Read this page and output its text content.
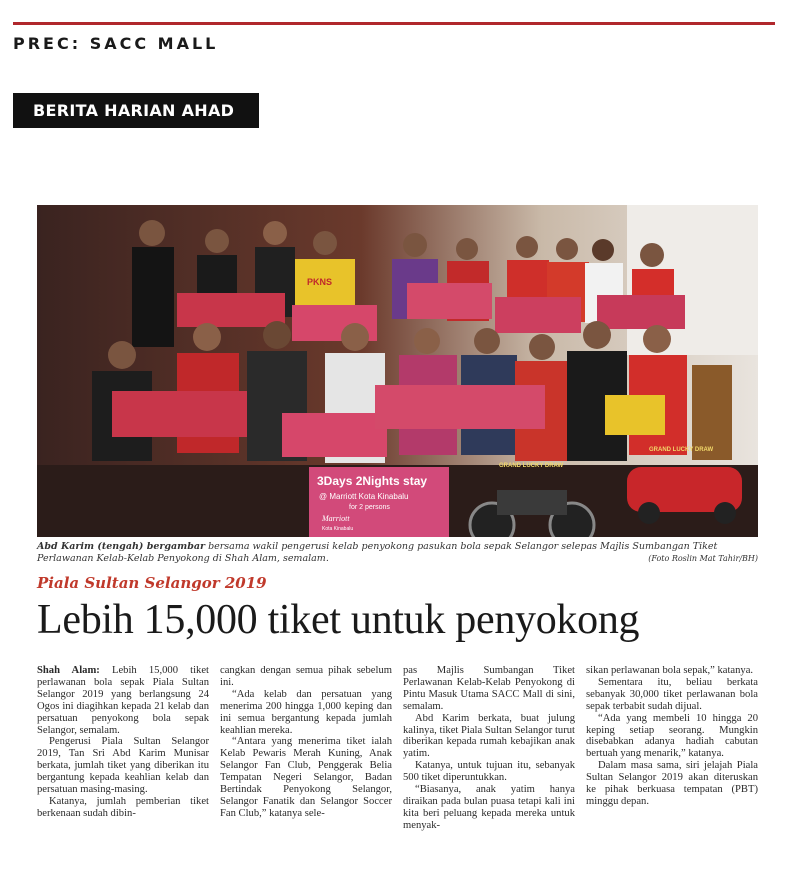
PREC: SACC MALL
BERITA HARIAN AHAD
3Days 2Nights stay
@ Marriott Kota Kinabalu
for 2 persons
Marriott
Kota Kinabalu
GRAND LUCKY DRAW
GRAND LUCKY DRAW
PKNS
Abd Karim (tengah) bergambar bersama wakil pengerusi kelab penyokong pasukan bola sepak Selangor selepas Majlis Sumbangan Tiket Perlawanan Kelab-Kelab Penyokong di Shah Alam, semalam.	(Foto Roslin Mat Tahir/BH)
Piala Sultan Selangor 2019
Lebih 15,000 tiket untuk penyokong

Shah Alam: Lebih 15,000 tiket perlawanan bola sepak Piala Sultan Selangor 2019 yang berlangsung 24 Ogos ini diagihkan kepada 21 kelab dan persatuan penyokong bola sepak Selangor, semalam.

Pengerusi Piala Sultan Selangor 2019, Tan Sri Abd Karim Munisar berkata, jumlah tiket yang diberikan itu bergantung kepada keahlian kelab dan persatuan masing-masing.

Katanya, jumlah pemberian tiket berkenaan sudah dibin-

cangkan dengan semua pihak sebelum ini.

“Ada kelab dan persatuan yang menerima 200 hingga 1,000 keping dan ini semua bergantung kepada jumlah keahlian mereka.

“Antara yang menerima tiket ialah Kelab Pewaris Merah Kuning, Anak Selangor Fan Club, Penggerak Belia Tempatan Negeri Selangor, Badan Bertindak Penyokong Selangor, Selangor Fanatik dan Selangor Soccer Fan Club,” katanya sele-

pas Majlis Sumbangan Tiket Perlawanan Kelab-Kelab Penyokong di Pintu Masuk Utama SACC Mall di sini, semalam.

Abd Karim berkata, buat julung kalinya, tiket Piala Sultan Selangor turut diberikan kepada rumah kebajikan anak yatim.

Katanya, untuk tujuan itu, sebanyak 500 tiket diperuntukkan.

“Biasanya, anak yatim hanya diraikan pada bulan puasa tetapi kali ini kita beri peluang kepada mereka untuk menyak-

sikan perlawanan bola sepak,” katanya.

Sementara itu, beliau berkata sebanyak 30,000 tiket perlawanan bola sepak terbabit sudah dijual.

“Ada yang membeli 10 hingga 20 keping setiap seorang. Mungkin disebabkan adanya hadiah cabutan bertuah yang menarik,” katanya.

Dalam masa sama, siri jelajah Piala Sultan Selangor 2019 akan diteruskan ke pihak berkuasa tempatan (PBT) minggu depan.
